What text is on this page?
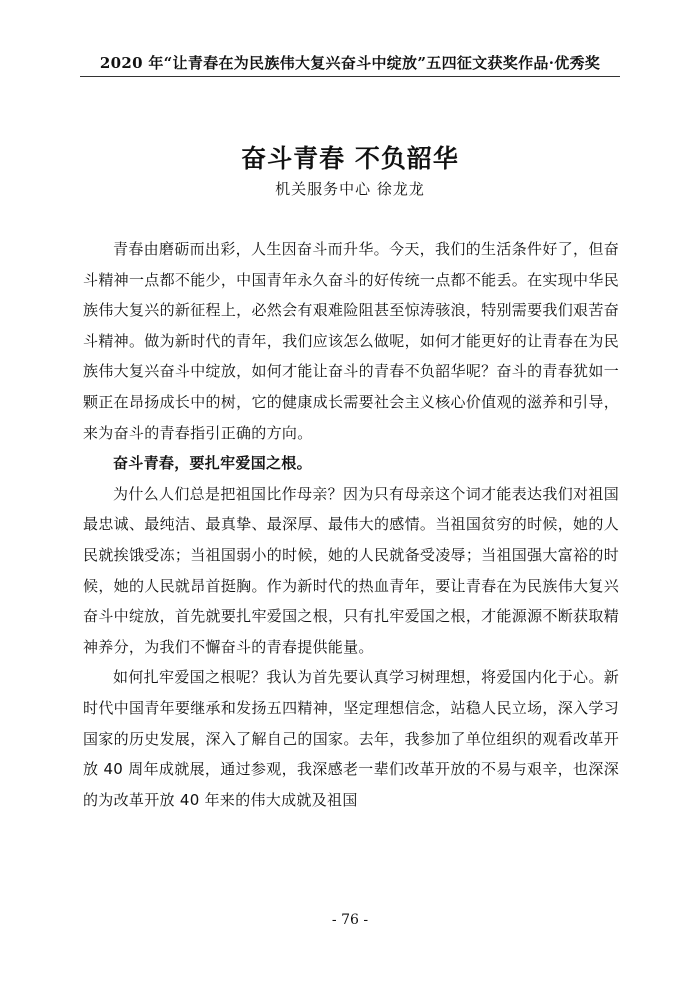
2020 年“让青春在为民族伟大复兴奋斗中绽放”五四征文获奖作品·优秀奖
奋斗青春 不负韶华
机关服务中心 徐龙龙

青春由磨砺而出彩，人生因奋斗而升华。今天，我们的生活条件好了，但奋斗精神一点都不能少，中国青年永久奋斗的好传统一点都不能丢。在实现中华民族伟大复兴的新征程上，必然会有艰难险阻甚至惊涛骇浪，特别需要我们艰苦奋斗精神。做为新时代的青年，我们应该怎么做呢，如何才能更好的让青春在为民族伟大复兴奋斗中绽放，如何才能让奋斗的青春不负韶华呢？奋斗的青春犹如一颗正在昂扬成长中的树，它的健康成长需要社会主义核心价值观的滋养和引导，来为奋斗的青春指引正确的方向。

奋斗青春，要扎牢爱国之根。

为什么人们总是把祖国比作母亲？因为只有母亲这个词才能表达我们对祖国最忠诚、最纯洁、最真挚、最深厚、最伟大的感情。当祖国贫穷的时候，她的人民就挨饿受冻；当祖国弱小的时候，她的人民就备受凌辱；当祖国强大富裕的时候，她的人民就昂首挺胸。作为新时代的热血青年，要让青春在为民族伟大复兴奋斗中绽放，首先就要扎牢爱国之根，只有扎牢爱国之根，才能源源不断获取精神养分，为我们不懈奋斗的青春提供能量。

如何扎牢爱国之根呢？我认为首先要认真学习树理想，将爱国内化于心。新时代中国青年要继承和发扬五四精神，坚定理想信念，站稳人民立场，深入学习国家的历史发展，深入了解自己的国家。去年，我参加了单位组织的观看改革开放 40 周年成就展，通过参观，我深感老一辈们改革开放的不易与艰辛，也深深的为改革开放 40 年来的伟大成就及祖国

- 76 -
